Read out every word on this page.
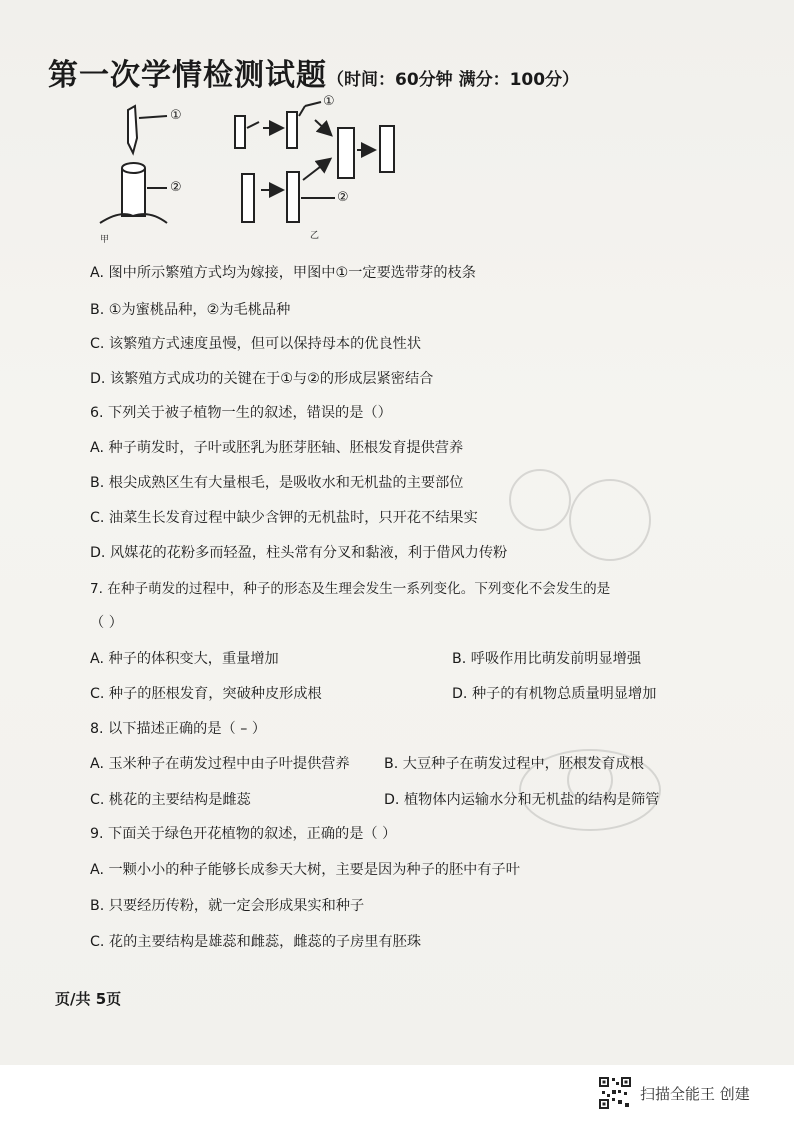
第一次学情检测试题（时间：60分钟 满分：100分）
甲	乙
①
②
①
②
A. 图中所示繁殖方式均为嫁接，甲图中①一定要选带芽的枝条
B. ①为蜜桃品种，②为毛桃品种
C. 该繁殖方式速度虽慢，但可以保持母本的优良性状
D. 该繁殖方式成功的关键在于①与②的形成层紧密结合
6. 下列关于被子植物一生的叙述，错误的是（）
A. 种子萌发时，子叶或胚乳为胚芽胚轴、胚根发育提供营养
B. 根尖成熟区生有大量根毛，是吸收水和无机盐的主要部位
C. 油菜生长发育过程中缺少含钾的无机盐时，只开花不结果实
D. 风媒花的花粉多而轻盈，柱头常有分叉和黏液，利于借风力传粉
7. 在种子萌发的过程中，种子的形态及生理会发生一系列变化。下列变化不会发生的是
（ ）
A. 种子的体积变大，重量增加	B. 呼吸作用比萌发前明显增强
C. 种子的胚根发育，突破种皮形成根	D. 种子的有机物总质量明显增加
8. 以下描述正确的是（ – ）
A. 玉米种子在萌发过程中由子叶提供营养 B. 大豆种子在萌发过程中，胚根发育成根
C. 桃花的主要结构是雌蕊	D. 植物体内运输水分和无机盐的结构是筛管
9. 下面关于绿色开花植物的叙述，正确的是（ ）
A. 一颗小小的种子能够长成参天大树，主要是因为种子的胚中有子叶
B. 只要经历传粉，就一定会形成果实和种子
C. 花的主要结构是雄蕊和雌蕊，雌蕊的子房里有胚珠
页/共 5页
扫描全能王 创建
